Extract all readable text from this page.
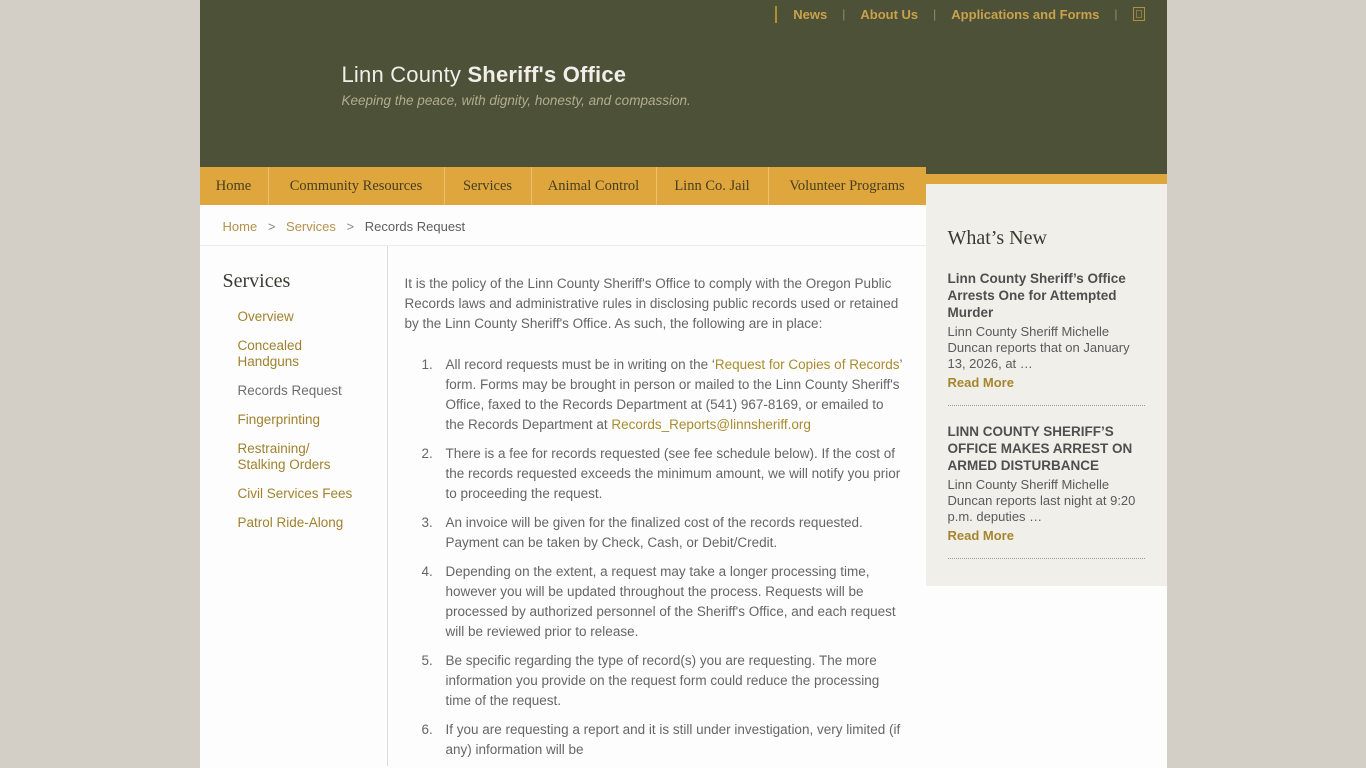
News | About Us | Applications and Forms |
Linn County Sheriff's Office
Keeping the peace, with dignity, honesty, and compassion.
Home	Community Resources	Services	Animal Control	Linn Co. Jail	Volunteer Programs
Home > Services > Records Request
Services
Overview
Concealed Handguns
Records Request
Fingerprinting
Restraining/ Stalking Orders
Civil Services Fees
Patrol Ride-Along

It is the policy of the Linn County Sheriff's Office to comply with the Oregon Public Records laws and administrative rules in disclosing public records used or retained by the Linn County Sheriff's Office. As such, the following are in place:

1. All record requests must be in writing on the ‘Request for Copies of Records’ form. Forms may be brought in person or mailed to the Linn County Sheriff's Office, faxed to the Records Department at (541) 967-8169, or emailed to the Records Department at Records_Reports@linnsheriff.org
2. There is a fee for records requested (see fee schedule below). If the cost of the records requested exceeds the minimum amount, we will notify you prior to proceeding the request.
3. An invoice will be given for the finalized cost of the records requested. Payment can be taken by Check, Cash, or Debit/Credit.
4. Depending on the extent, a request may take a longer processing time, however you will be updated throughout the process. Requests will be processed by authorized personnel of the Sheriff's Office, and each request will be reviewed prior to release.
5. Be specific regarding the type of record(s) you are requesting. The more information you provide on the request form could reduce the processing time of the request.
6. If you are requesting a report and it is still under investigation, very limited (if any) information will be
What’s New
Linn County Sheriff’s Office Arrests One for Attempted Murder

Linn County Sheriff Michelle Duncan reports that on January 13, 2026, at …

Read More
LINN COUNTY SHERIFF’S OFFICE MAKES ARREST ON ARMED DISTURBANCE

Linn County Sheriff Michelle Duncan reports last night at 9:20 p.m. deputies …

Read More
